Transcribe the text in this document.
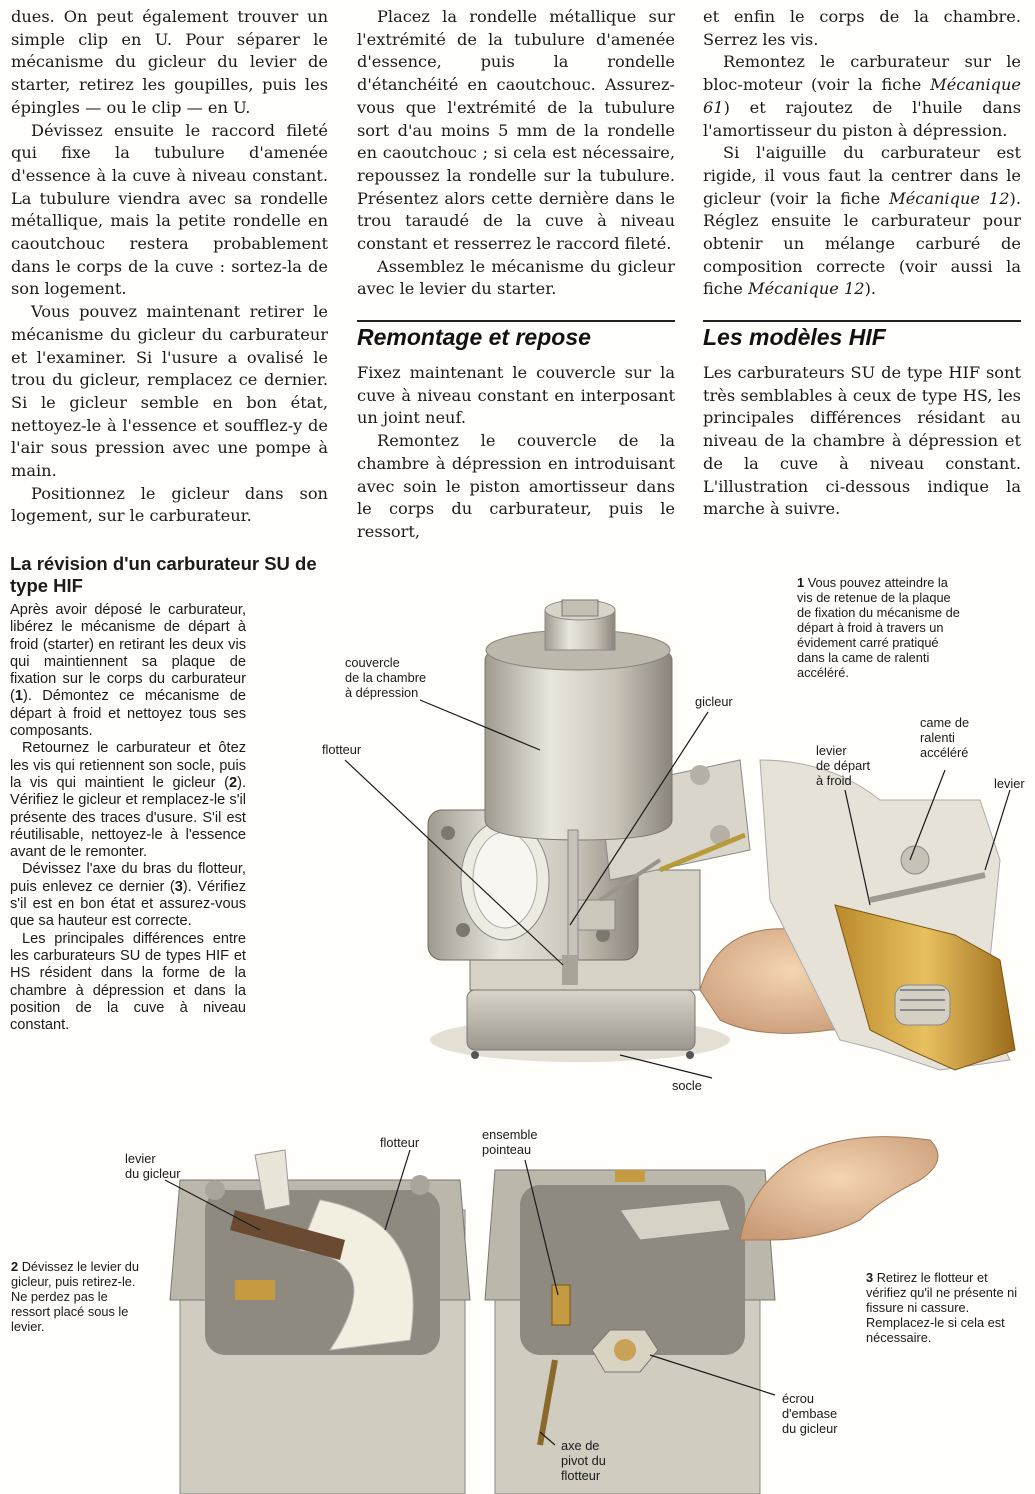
dues. On peut également trouver un simple clip en U. Pour séparer le mécanisme du gicleur du levier de starter, retirez les goupilles, puis les épingles — ou le clip — en U.

Dévissez ensuite le raccord fileté qui fixe la tubulure d'amenée d'essence à la cuve à niveau constant. La tubulure viendra avec sa rondelle métallique, mais la petite rondelle en caoutchouc restera probablement dans le corps de la cuve : sortez-la de son logement.

Vous pouvez maintenant retirer le mécanisme du gicleur du carburateur et l'examiner. Si l'usure a ovalisé le trou du gicleur, remplacez ce dernier. Si le gicleur semble en bon état, nettoyez-le à l'essence et soufflez-y de l'air sous pression avec une pompe à main.

Positionnez le gicleur dans son logement, sur le carburateur.

Placez la rondelle métallique sur l'extrémité de la tubulure d'amenée d'essence, puis la rondelle d'étanchéité en caoutchouc. Assurez-vous que l'extrémité de la tubulure sort d'au moins 5 mm de la rondelle en caoutchouc ; si cela est nécessaire, repoussez la rondelle sur la tubulure. Présentez alors cette dernière dans le trou taraudé de la cuve à niveau constant et resserrez le raccord fileté.

Assemblez le mécanisme du gicleur avec le levier du starter.

Remontage et repose

Fixez maintenant le couvercle sur la cuve à niveau constant en interposant un joint neuf.

Remontez le couvercle de la chambre à dépression en introduisant avec soin le piston amortisseur dans le corps du carburateur, puis le ressort,

et enfin le corps de la chambre. Serrez les vis.

Remontez le carburateur sur le bloc-moteur (voir la fiche Mécanique 61) et rajoutez de l'huile dans l'amortisseur du piston à dépression.

Si l'aiguille du carburateur est rigide, il vous faut la centrer dans le gicleur (voir la fiche Mécanique 12). Réglez ensuite le carburateur pour obtenir un mélange carburé de composition correcte (voir aussi la fiche Mécanique 12).

Les modèles HIF

Les carburateurs SU de type HIF sont très semblables à ceux de type HS, les principales différences résidant au niveau de la chambre à dépression et de la cuve à niveau constant. L'illustration ci-dessous indique la marche à suivre.

La révision d'un carburateur SU de type HIF

Après avoir déposé le carburateur, libérez le mécanisme de départ à froid (starter) en retirant les deux vis qui maintiennent sa plaque de fixation sur le corps du carburateur (1). Démontez ce mécanisme de départ à froid et nettoyez tous ses composants.

Retournez le carburateur et ôtez les vis qui retiennent son socle, puis la vis qui maintient le gicleur (2). Vérifiez le gicleur et remplacez-le s'il présente des traces d'usure. S'il est réutilisable, nettoyez-le à l'essence avant de le remonter.

Dévissez l'axe du bras du flotteur, puis enlevez ce dernier (3). Vérifiez s'il est en bon état et assurez-vous que sa hauteur est correcte.

Les principales différences entre les carburateurs SU de types HIF et HS résident dans la forme de la chambre à dépression et dans la position de la cuve à niveau constant.

couvercle
de la chambre
à dépression
flotteur
gicleur
socle
levier
de départ
à froid
came de
ralenti
accéléré
levier
levier
du gicleur
flotteur
ensemble
pointeau
écrou
d'embase
du gicleur
axe de
pivot du
flotteur
1 Vous pouvez atteindre la vis de retenue de la plaque de fixation du mécanisme de départ à froid à travers un évidement carré pratiqué dans la came de ralenti accéléré.
2 Dévissez le levier du gicleur, puis retirez-le. Ne perdez pas le ressort placé sous le levier.
3 Retirez le flotteur et vérifiez qu'il ne présente ni fissure ni cassure. Remplacez-le si cela est nécessaire.
